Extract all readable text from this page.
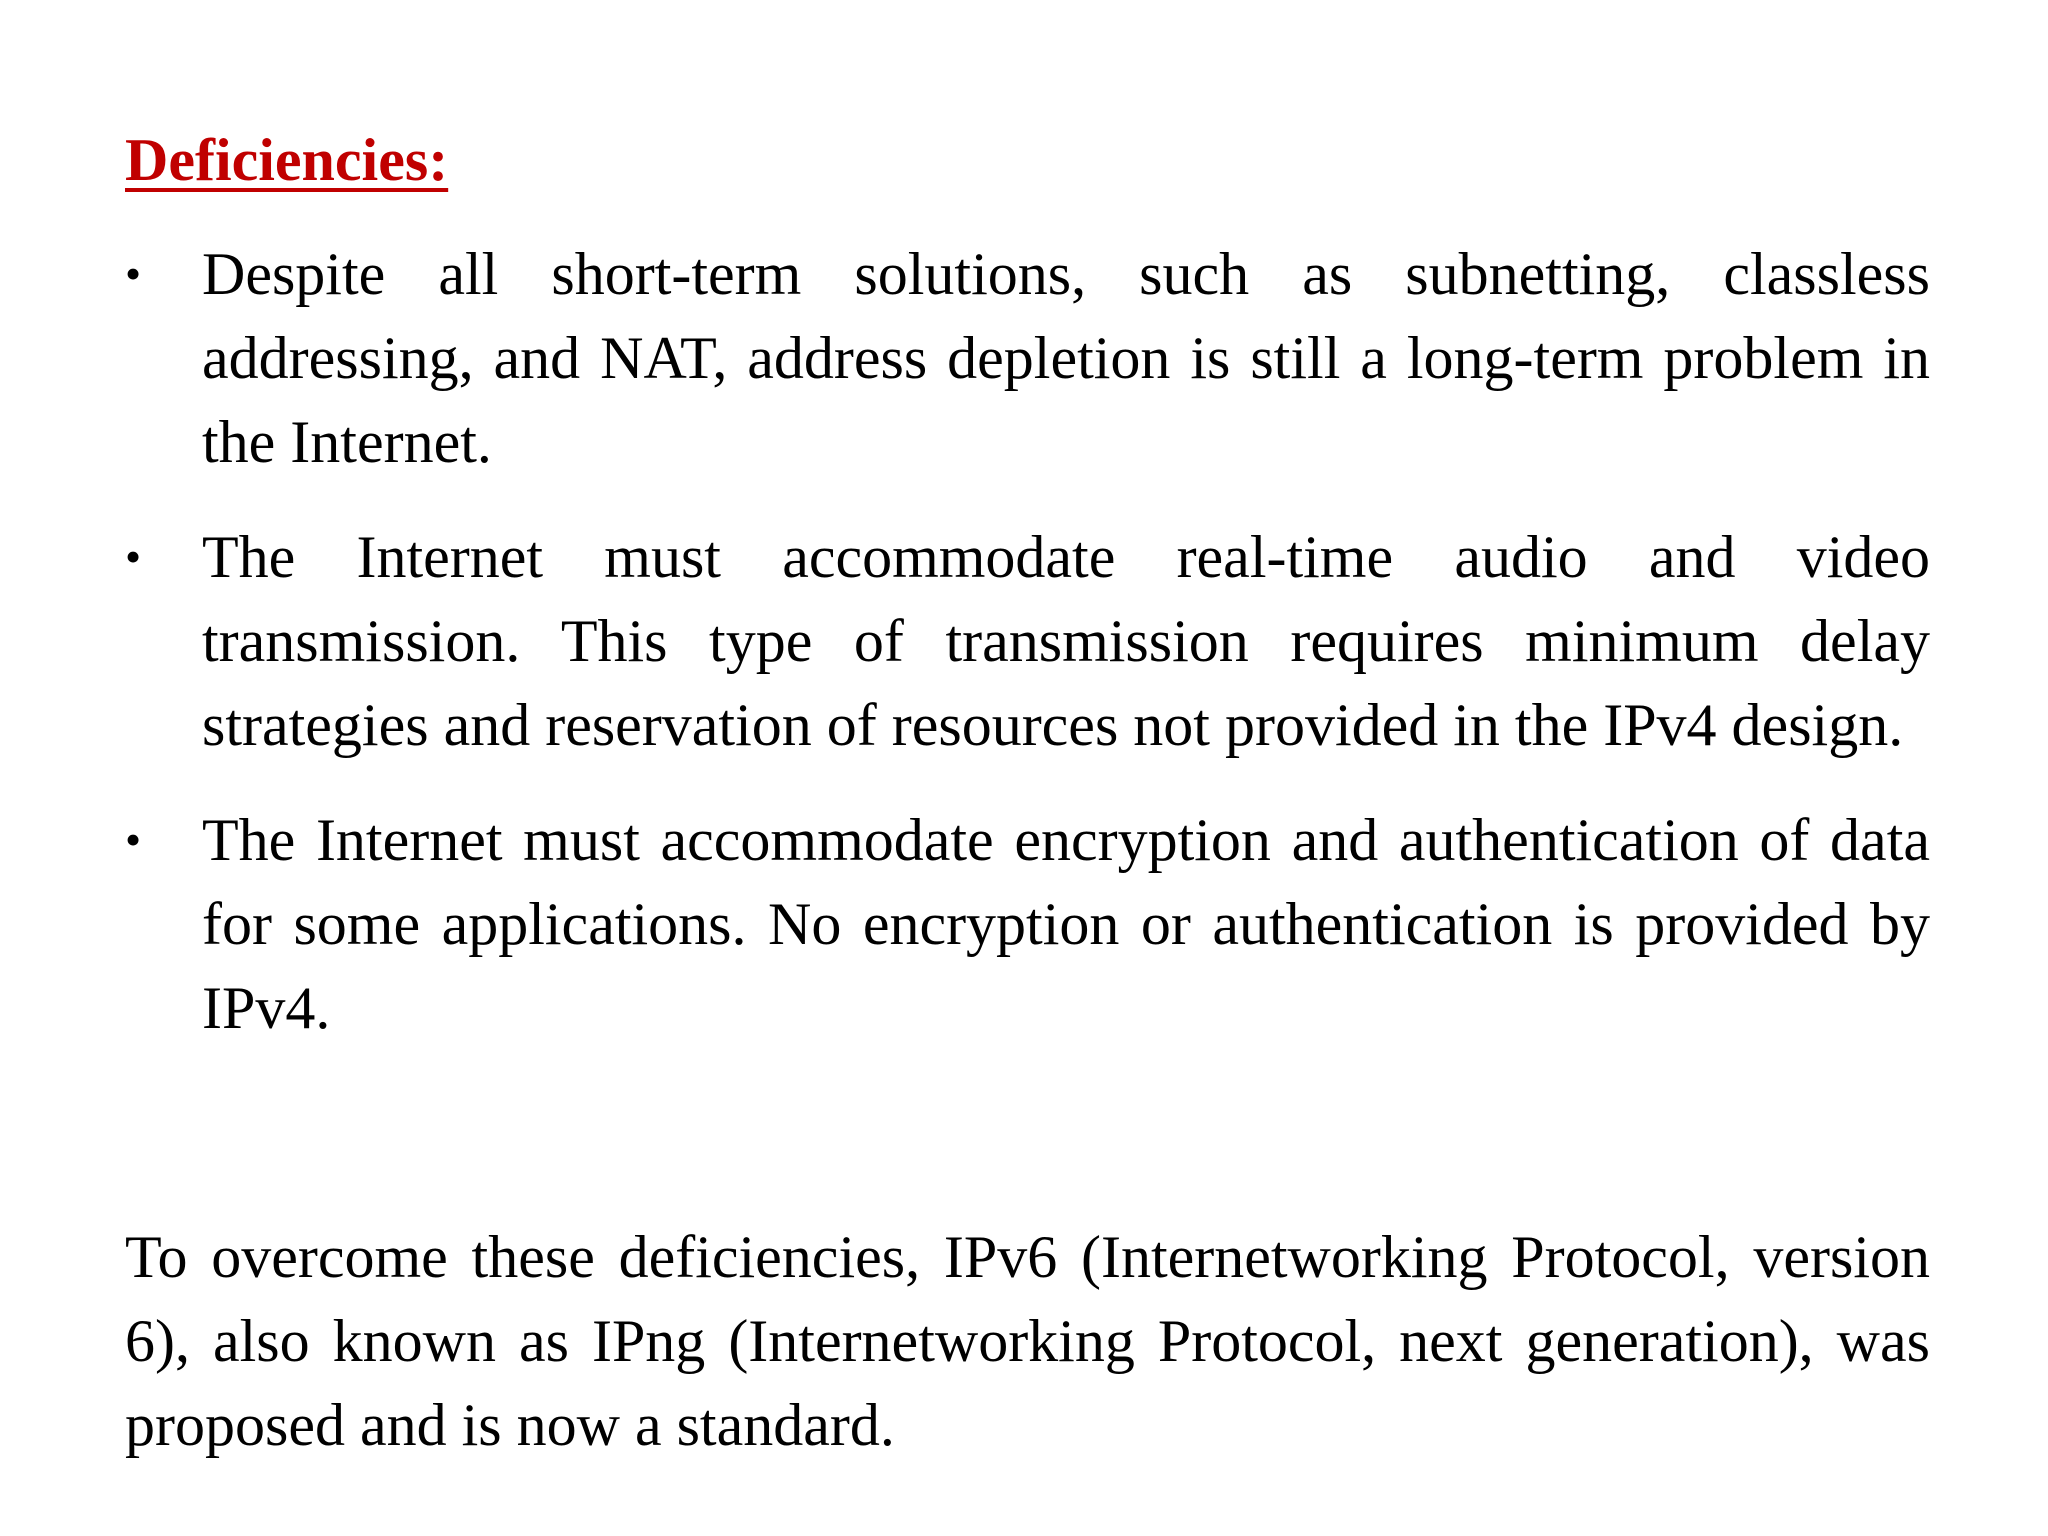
Deficiencies:
• Despite all short-term solutions, such as subnetting, classless addressing, and NAT, address depletion is still a long-term problem in the Internet.
• The Internet must accommodate real-time audio and video transmission. This type of transmission requires minimum delay strategies and reservation of resources not provided in the IPv4 design.
• The Internet must accommodate encryption and authentication of data for some applications. No encryption or authentication is provided by IPv4.

To overcome these deficiencies, IPv6 (Internetworking Protocol, version 6), also known as IPng (Internetworking Protocol, next generation), was proposed and is now a standard.
